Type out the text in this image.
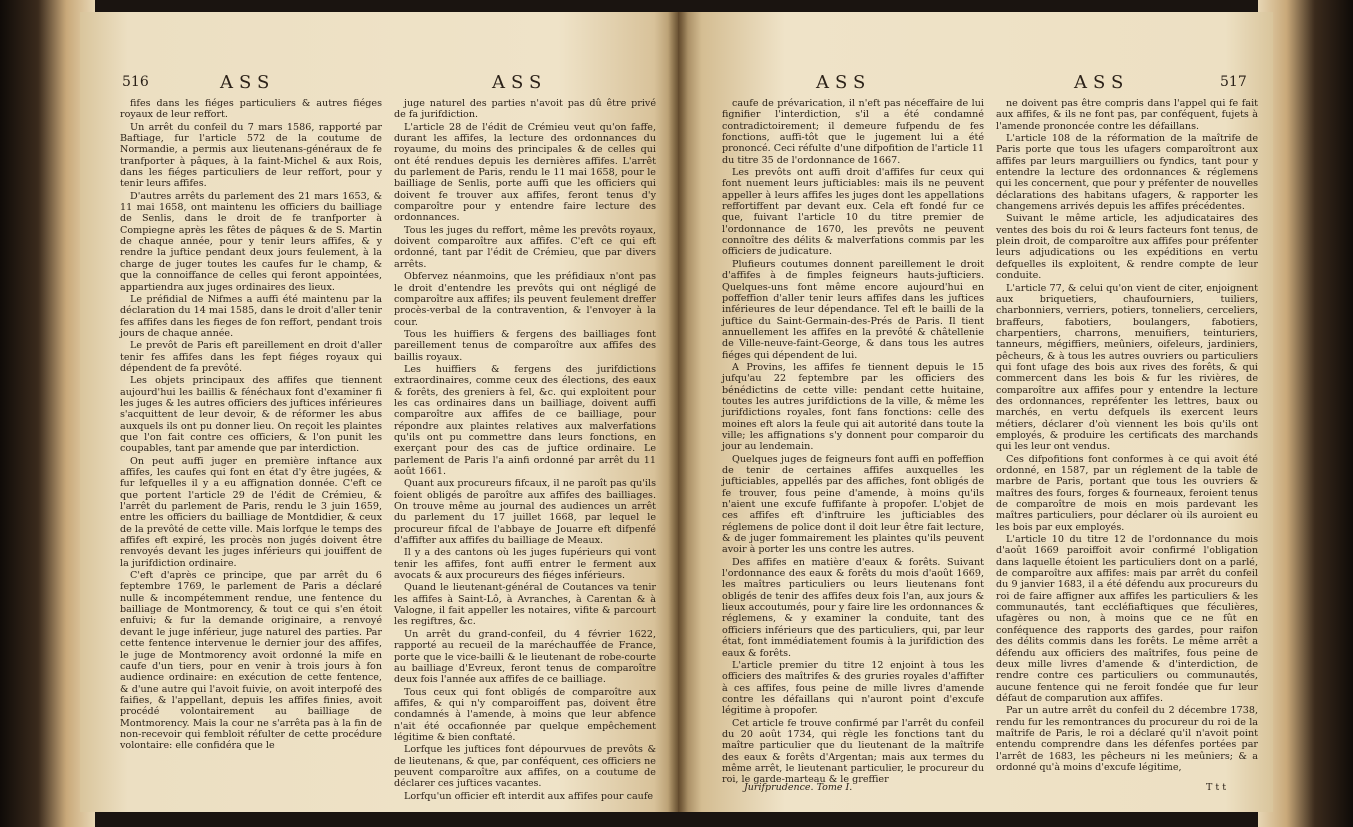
516	ASS	ASS

fifes dans les fiéges particuliers & autres fiéges royaux de leur reffort.

Un arrêt du confeil du 7 mars 1586, rapporté par Baftiage, fur l'article 572 de la coutume de Normandie, a permis aux lieutenans-généraux de fe tranfporter à pâques, à la faint-Michel & aux Rois, dans les fiéges particuliers de leur reffort, pour y tenir leurs affifes.

D'autres arrêts du parlement des 21 mars 1653, & 11 mai 1658, ont maintenu les officiers du bailliage de Senlis, dans le droit de fe tranfporter à Compiegne après les fêtes de pâques & de S. Martin de chaque année, pour y tenir leurs affifes, & y rendre la juftice pendant deux jours feulement, à la charge de juger toutes les caufes fur le champ, & que la connoiffance de celles qui feront appointées, appartiendra aux juges ordinaires des lieux.

Le préfidial de Nifmes a auffi été maintenu par la déclaration du 14 mai 1585, dans le droit d'aller tenir fes affifes dans les fieges de fon reffort, pendant trois jours de chaque année.

Le prevôt de Paris eft pareillement en droit d'aller tenir fes affifes dans les fept fiéges royaux qui dépendent de fa prevôté.

Les objets principaux des affifes que tiennent aujourd'hui les baillis & fénéchaux font d'examiner fi les juges & les autres officiers des juftices inférieures s'acquittent de leur devoir, & de réformer les abus auxquels ils ont pu donner lieu. On reçoit les plaintes que l'on fait contre ces officiers, & l'on punit les coupables, tant par amende que par interdiction.

On peut auffi juger en première inftance aux affifes, les caufes qui font en état d'y être jugées, & fur lefquelles il y a eu affignation donnée. C'eft ce que portent l'article 29 de l'édit de Crémieu, & l'arrêt du parlement de Paris, rendu le 3 juin 1659, entre les officiers du bailliage de Montdidier, & ceux de la prevôté de cette ville. Mais lorfque le temps des affifes eft expiré, les procès non jugés doivent être renvoyés devant les juges inférieurs qui jouiffent de la jurifdiction ordinaire.

C'eft d'après ce principe, que par arrêt du 6 feptembre 1769, le parlement de Paris a déclaré nulle & incompétemment rendue, une fentence du bailliage de Montmorency, & tout ce qui s'en étoit enfuivi; & fur la demande originaire, a renvoyé devant le juge inférieur, juge naturel des parties. Par cette fentence intervenue le dernier jour des affifes, le juge de Montmorency avoit ordonné la mife en caufe d'un tiers, pour en venir à trois jours à fon audience ordinaire: en exécution de cette fentence, & d'une autre qui l'avoit fuivie, on avoit interpofé des faifies, & l'appellant, depuis les affifes finies, avoit procédé volontairement au bailliage de Montmorency. Mais la cour ne s'arrêta pas à la fin de non-recevoir qui fembloit réfulter de cette procédure volontaire: elle confidéra que le

juge naturel des parties n'avoit pas dû être privé de fa jurifdiction.

L'article 28 de l'édit de Crémieu veut qu'on faffe, durant les affifes, la lecture des ordonnances du royaume, du moins des principales & de celles qui ont été rendues depuis les dernières affifes. L'arrêt du parlement de Paris, rendu le 11 mai 1658, pour le bailliage de Senlis, porte auffi que les officiers qui doivent fe trouver aux affifes, feront tenus d'y comparoître pour y entendre faire lecture des ordonnances.

Tous les juges du reffort, même les prevôts royaux, doivent comparoître aux affifes. C'eft ce qui eft ordonné, tant par l'édit de Crémieu, que par divers arrêts.

Obfervez néanmoins, que les préfidiaux n'ont pas le droit d'entendre les prevôts qui ont négligé de comparoître aux affifes; ils peuvent feulement dreffer procès-verbal de la contravention, & l'envoyer à la cour.

Tous les huiffiers & fergens des bailliages font pareillement tenus de comparoître aux affifes des baillis royaux.

Les huiffiers & fergens des jurifdictions extraordinaires, comme ceux des élections, des eaux & forêts, des greniers à fel, &c. qui exploitent pour les cas ordinaires dans un bailliage, doivent auffi comparoître aux affifes de ce bailliage, pour répondre aux plaintes relatives aux malverfations qu'ils ont pu commettre dans leurs fonctions, en exerçant pour des cas de juftice ordinaire. Le parlement de Paris l'a ainfi ordonné par arrêt du 11 août 1661.

Quant aux procureurs fifcaux, il ne paroît pas qu'ils foient obligés de paroître aux affifes des bailliages. On trouve même au journal des audiences un arrêt du parlement du 17 juillet 1668, par lequel le procureur fifcal de l'abbaye de Jouarre eft difpenfé d'affifter aux affifes du bailliage de Meaux.

Il y a des cantons où les juges fupérieurs qui vont tenir les affifes, font auffi entrer le ferment aux avocats & aux procureurs des fiéges inférieurs.

Quand le lieutenant-général de Coutances va tenir les affifes à Saint-Lô, à Avranches, à Carentan & à Valogne, il fait appeller les notaires, vifite & parcourt les regiftres, &c.

Un arrêt du grand-confeil, du 4 février 1622, rapporté au recueil de la maréchauffée de France, porte que le vice-bailli & le lieutenant de robe-courte au bailliage d'Evreux, feront tenus de comparoître deux fois l'année aux affifes de ce bailliage.

Tous ceux qui font obligés de comparoître aux affifes, & qui n'y comparoiffent pas, doivent être condamnés à l'amende, à moins que leur abfence n'ait été occafionnée par quelque empêchement légitime & bien conftaté.

Lorfque les juftices font dépourvues de prevôts & de lieutenans, & que, par conféquent, ces officiers ne peuvent comparoître aux affifes, on a coutume de déclarer ces juftices vacantes.

Lorfqu'un officier eft interdit aux affifes pour caufe

ASS	ASS	517

caufe de prévarication, il n'eft pas néceffaire de lui fignifier l'interdiction, s'il a été condamné contradictoirement; il demeure fufpendu de fes fonctions, auffi-tôt que le jugement lui a été prononcé. Ceci réfulte d'une difpofition de l'article 11 du titre 35 de l'ordonnance de 1667.

Les prevôts ont auffi droit d'affifes fur ceux qui font nuement leurs jufticiables: mais ils ne peuvent appeller à leurs affifes les juges dont les appellations reffortiffent par devant eux. Cela eft fondé fur ce que, fuivant l'article 10 du titre premier de l'ordonnance de 1670, les prevôts ne peuvent connoître des délits & malverfations commis par les officiers de judicature.

Plufieurs coutumes donnent pareillement le droit d'affifes à de fimples feigneurs hauts-jufticiers. Quelques-uns font même encore aujourd'hui en poffeffion d'aller tenir leurs affifes dans les juftices inférieures de leur dépendance. Tel eft le bailli de la juftice du Saint-Germain-des-Prés de Paris. Il tient annuellement les affifes en la prevôté & châtellenie de Ville-neuve-faint-George, & dans tous les autres fiéges qui dépendent de lui.

A Provins, les affifes fe tiennent depuis le 15 jufqu'au 22 feptembre par les officiers des bénédictins de cette ville: pendant cette huitaine, toutes les autres jurifdictions de la ville, & même les jurifdictions royales, font fans fonctions: celle des moines eft alors la feule qui ait autorité dans toute la ville; les affignations s'y donnent pour comparoir du jour au lendemain.

Quelques juges de feigneurs font auffi en poffeffion de tenir de certaines affifes auxquelles les jufticiables, appellés par des affiches, font obligés de fe trouver, fous peine d'amende, à moins qu'ils n'aient une excufe fuffifante à propofer. L'objet de ces affifes eft d'inftruire les jufticiables des réglemens de police dont il doit leur être fait lecture, & de juger fommairement les plaintes qu'ils peuvent avoir à porter les uns contre les autres.

Des affifes en matière d'eaux & forêts. Suivant l'ordonnance des eaux & forêts du mois d'août 1669, les maîtres particuliers ou leurs lieutenans font obligés de tenir des affifes deux fois l'an, aux jours & lieux accoutumés, pour y faire lire les ordonnances & réglemens, & y examiner la conduite, tant des officiers inférieurs que des particuliers, qui, par leur état, font immédiatement foumis à la jurifdiction des eaux & forêts.

L'article premier du titre 12 enjoint à tous les officiers des maîtrifes & des gruries royales d'affifter à ces affifes, fous peine de mille livres d'amende contre les défaillans qui n'auront point d'excufe légitime à propofer.

Cet article fe trouve confirmé par l'arrêt du confeil du 20 août 1734, qui règle les fonctions tant du maître particulier que du lieutenant de la maîtrife des eaux & forêts d'Argentan; mais aux termes du même arrêt, le lieutenant particulier, le procureur du roi, le garde-marteau & le greffier

ne doivent pas être compris dans l'appel qui fe fait aux affifes, & ils ne font pas, par conféquent, fujets à l'amende prononcée contre les défaillans.

L'article 108 de la réformation de la maîtrife de Paris porte que tous les ufagers comparoîtront aux affifes par leurs marguilliers ou fyndics, tant pour y entendre la lecture des ordonnances & réglemens qui les concernent, que pour y préfenter de nouvelles déclarations des habitans ufagers, & rapporter les changemens arrivés depuis les affifes précédentes.

Suivant le même article, les adjudicataires des ventes des bois du roi & leurs facteurs font tenus, de plein droit, de comparoître aux affifes pour préfenter leurs adjudications ou les expéditions en vertu defquelles ils exploitent, & rendre compte de leur conduite.

L'article 77, & celui qu'on vient de citer, enjoignent aux briquetiers, chaufourniers, tuiliers, charbonniers, verriers, potiers, tonneliers, cerceliers, braffeurs, fabotiers, boulangers, fabotiers, charpentiers, charrons, menuifiers, teinturiers, tanneurs, mégiffiers, meûniers, oifeleurs, jardiniers, pêcheurs, & à tous les autres ouvriers ou particuliers qui font ufage des bois aux rives des forêts, & qui commercent dans les bois & fur les rivières, de comparoître aux affifes pour y entendre la lecture des ordonnances, repréfenter les lettres, baux ou marchés, en vertu defquels ils exercent leurs métiers, déclarer d'où viennent les bois qu'ils ont employés, & produire les certificats des marchands qui les leur ont vendus.

Ces difpofitions font conformes à ce qui avoit été ordonné, en 1587, par un réglement de la table de marbre de Paris, portant que tous les ouvriers & maîtres des fours, forges & fourneaux, feroient tenus de comparoître de mois en mois pardevant les maîtres particuliers, pour déclarer où ils auroient eu les bois par eux employés.

L'article 10 du titre 12 de l'ordonnance du mois d'août 1669 paroiffoit avoir confirmé l'obligation dans laquelle étoient les particuliers dont on a parlé, de comparoître aux affifes: mais par arrêt du confeil du 9 janvier 1683, il a été défendu aux procureurs du roi de faire affigner aux affifes les particuliers & les communautés, tant eccléfiaftiques que féculières, ufagères ou non, à moins que ce ne fût en conféquence des rapports des gardes, pour raifon des délits commis dans les forêts. Le même arrêt a défendu aux officiers des maîtrifes, fous peine de deux mille livres d'amende & d'interdiction, de rendre contre ces particuliers ou communautés, aucune fentence qui ne feroit fondée que fur leur défaut de comparution aux affifes.

Par un autre arrêt du confeil du 2 décembre 1738, rendu fur les remontrances du procureur du roi de la maîtrife de Paris, le roi a déclaré qu'il n'avoit point entendu comprendre dans les défenfes portées par l'arrêt de 1683, les pêcheurs ni les meûniers; & a ordonné qu'à moins d'excufe légitime,

Jurifprudence. Tome I.	T t t
